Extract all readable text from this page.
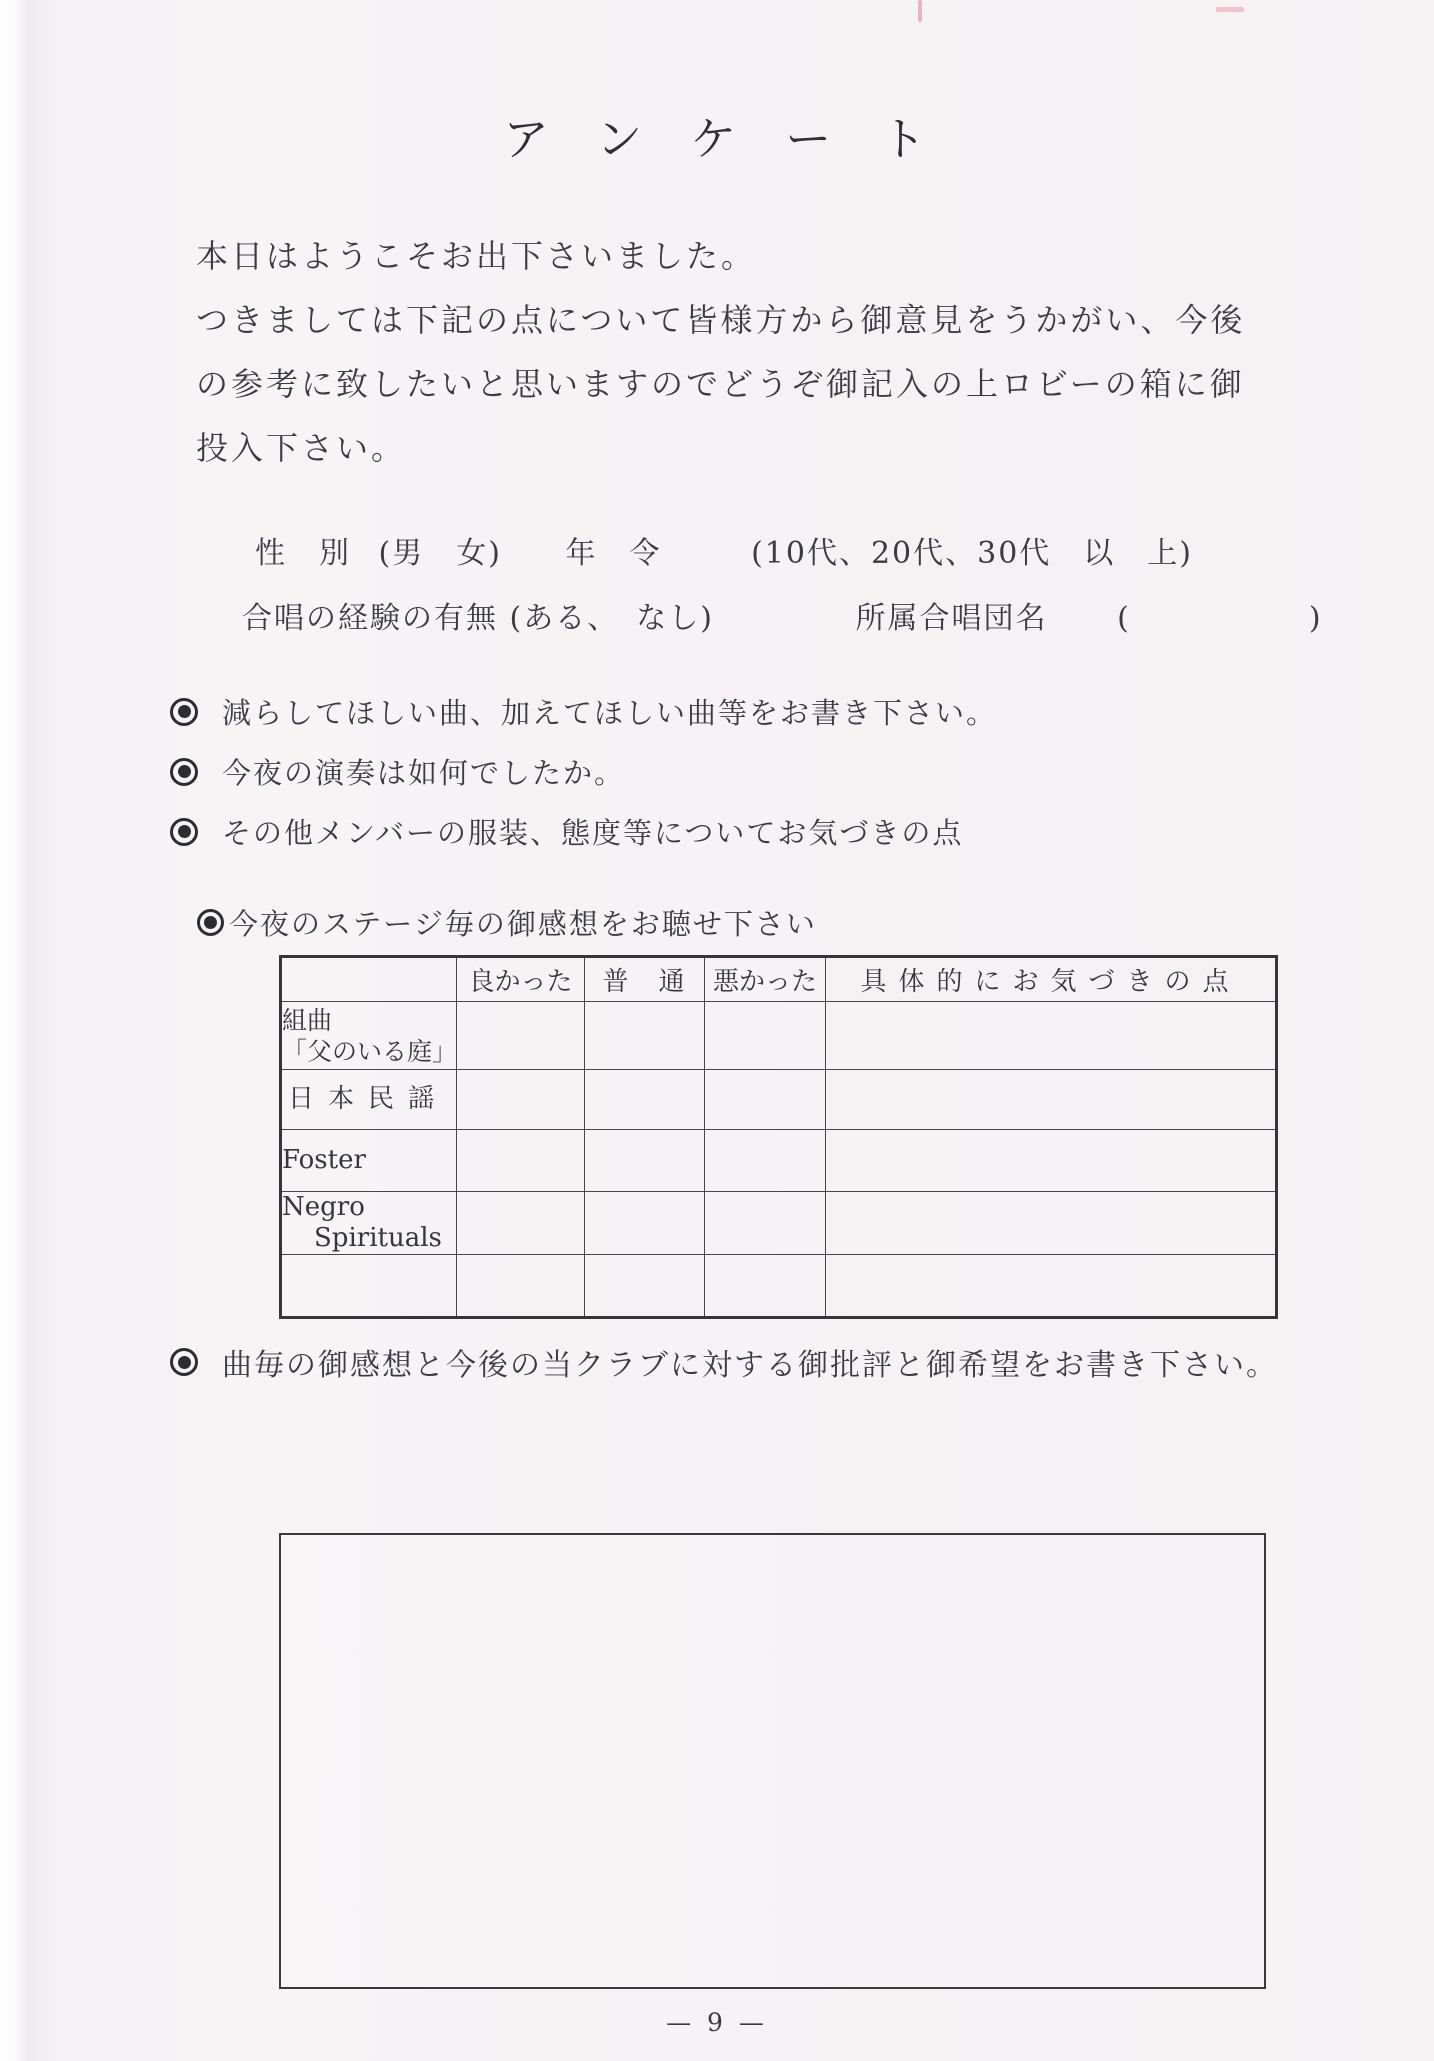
アンケート
本日はようこそお出下さいました。
つきましては下記の点について皆様方から御意見をうかがい、今後
の参考に致したいと思いますのでどうぞ御記入の上ロビーの箱に御
投入下さい。
性　別 (男　女) 年　令	(10代、20代、30代　以　上)
合唱の経験の有無 (ある、　なし)	所属合唱団名 (	)
減らしてほしい曲、加えてほしい曲等をお書き下さい。
今夜の演奏は如何でしたか。
その他メンバーの服装、態度等についてお気づきの点
今夜のステージ毎の御感想をお聴せ下さい
	良かった	普　通	悪かった	具体的にお気づきの点

組曲
「父のいる庭」				

日本民謡				

Foster				

Negro
Spirituals				

曲毎の御感想と今後の当クラブに対する御批評と御希望をお書き下さい。
— 9 —
